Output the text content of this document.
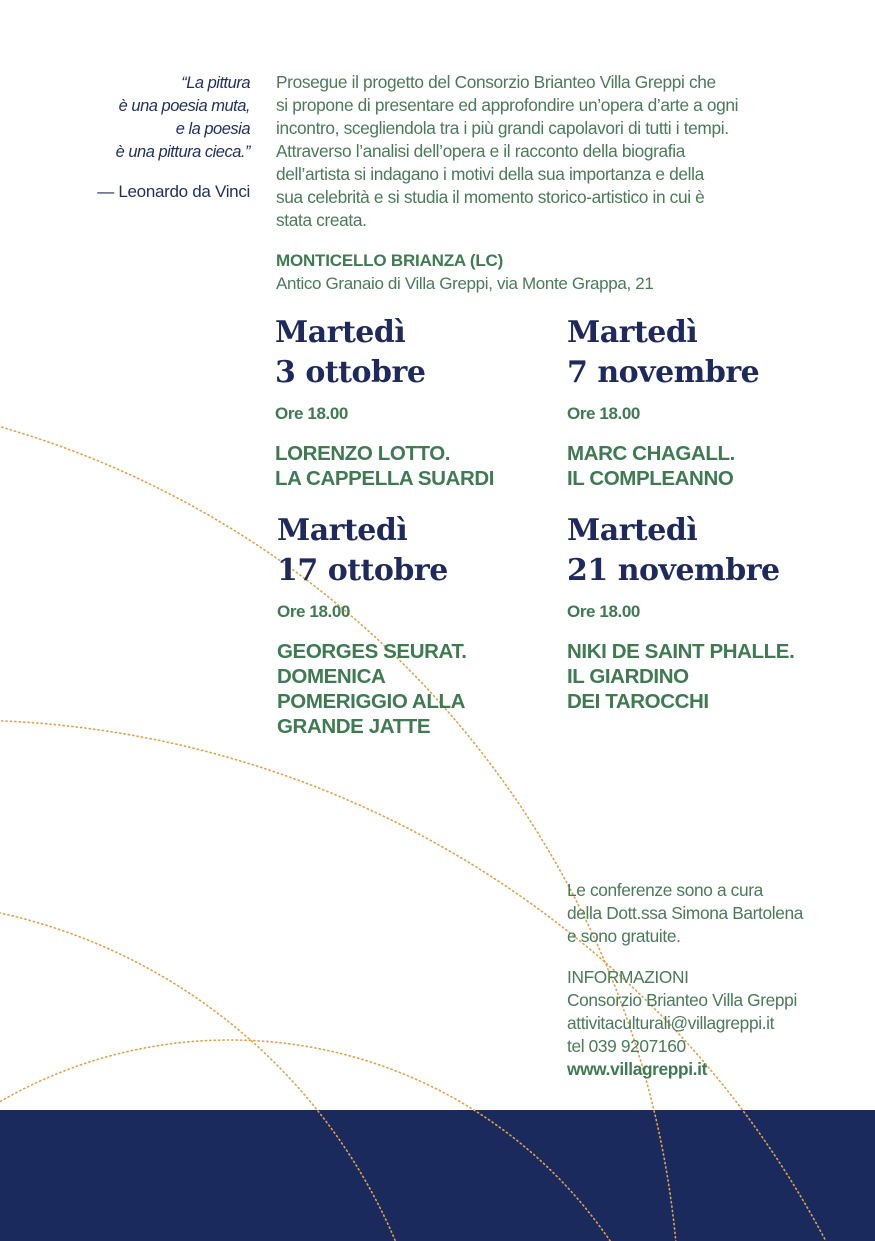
“La pittura

è una poesia muta,

e la poesia

è una pittura cieca.”

— Leonardo da Vinci
Prosegue il progetto del Consorzio Brianteo Villa Greppi che
si propone di presentare ed approfondire un’opera d’arte a ogni
incontro, scegliendola tra i più grandi capolavori di tutti i tempi.
Attraverso l’analisi dell’opera e il racconto della biografia
dell’artista si indagano i motivi della sua importanza e della
sua celebrità e si studia il momento storico-artistico in cui è
stata creata.
MONTICELLO BRIANZA (LC)
Antico Granaio di Villa Greppi, via Monte Grappa, 21
Martedì
3 ottobre
Ore 18.00
LORENZO LOTTO.
LA CAPPELLA SUARDI
Martedì
7 novembre
Ore 18.00
MARC CHAGALL.
IL COMPLEANNO
Martedì
17 ottobre
Ore 18.00
GEORGES SEURAT.
DOMENICA
POMERIGGIO ALLA
GRANDE JATTE
Martedì
21 novembre
Ore 18.00
NIKI DE SAINT PHALLE.
IL GIARDINO
DEI TAROCCHI
Le conferenze sono a cura
della Dott.ssa Simona Bartolena
e sono gratuite.
INFORMAZIONI
Consorzio Brianteo Villa Greppi
attivitaculturali@villagreppi.it
tel 039 9207160
www.villagreppi.it
